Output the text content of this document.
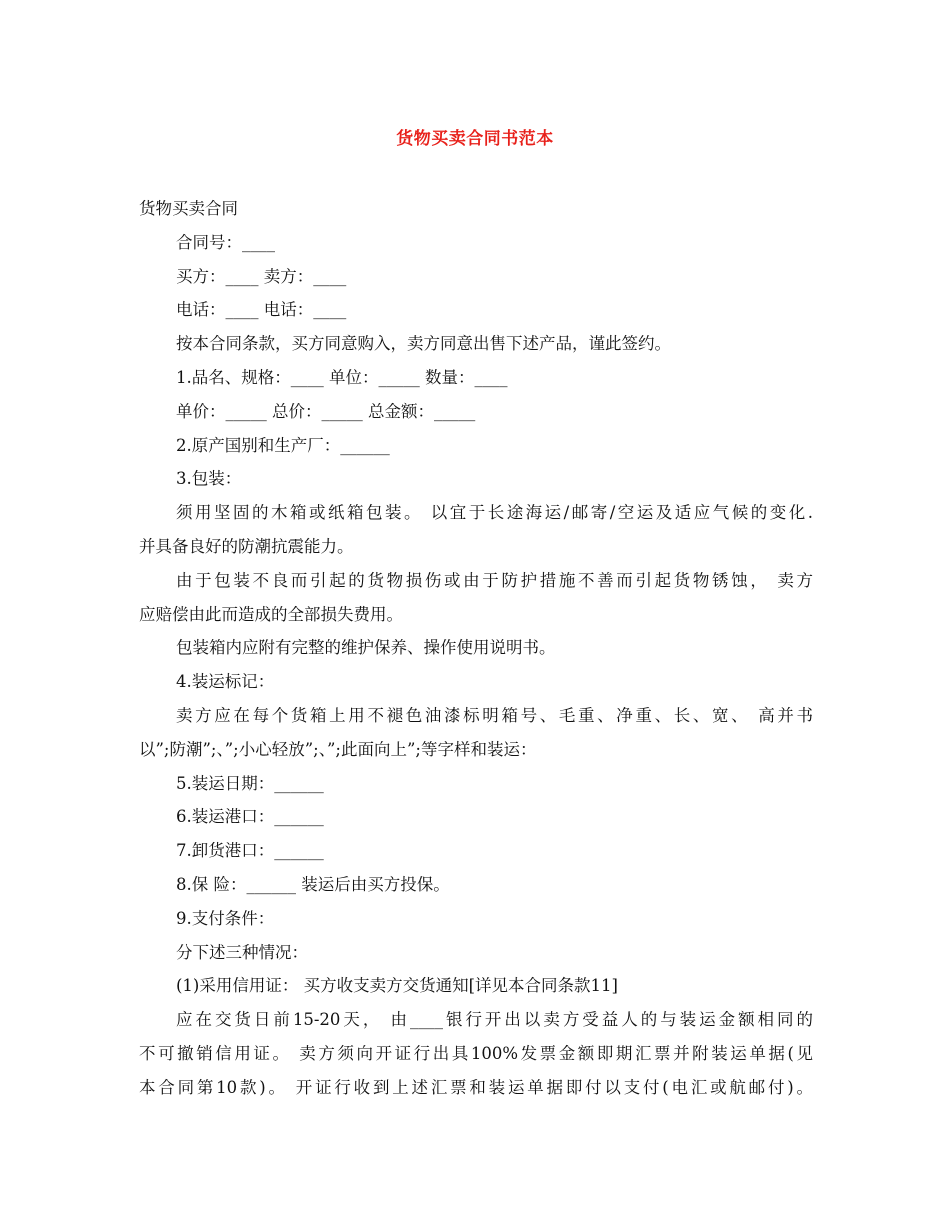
货物买卖合同书范本
货物买卖合同
合同号：____
买方：____ 卖方：____
电话：____ 电话：____
按本合同条款，买方同意购入，卖方同意出售下述产品，谨此签约。
1.品名、规格：____ 单位：_____ 数量：____
单价：_____ 总价：_____ 总金额：_____
2.原产国别和生产厂：______
3.包装：
须用坚固的木箱或纸箱包装。 以宜于长途海运/邮寄/空运及适应气候的变化.
并具备良好的防潮抗震能力。
由于包装不良而引起的货物损伤或由于防护措施不善而引起货物锈蚀， 卖方
应赔偿由此而造成的全部损失费用。
包装箱内应附有完整的维护保养、操作使用说明书。
4.装运标记：
卖方应在每个货箱上用不褪色油漆标明箱号、毛重、净重、长、宽、 高并书
以”;防潮”;、”;小心轻放”;、”;此面向上”;等字样和装运：
5.装运日期：______
6.装运港口：______
7.卸货港口：______
8.保 险：______ 装运后由买方投保。
9.支付条件：
分下述三种情况：
(1)采用信用证： 买方收支卖方交货通知[详见本合同条款11]
应在交货日前15-20天， 由____银行开出以卖方受益人的与装运金额相同的
不可撤销信用证。 卖方须向开证行出具100%发票金额即期汇票并附装运单据(见
本合同第10款)。 开证行收到上述汇票和装运单据即付以支付(电汇或航邮付)。
